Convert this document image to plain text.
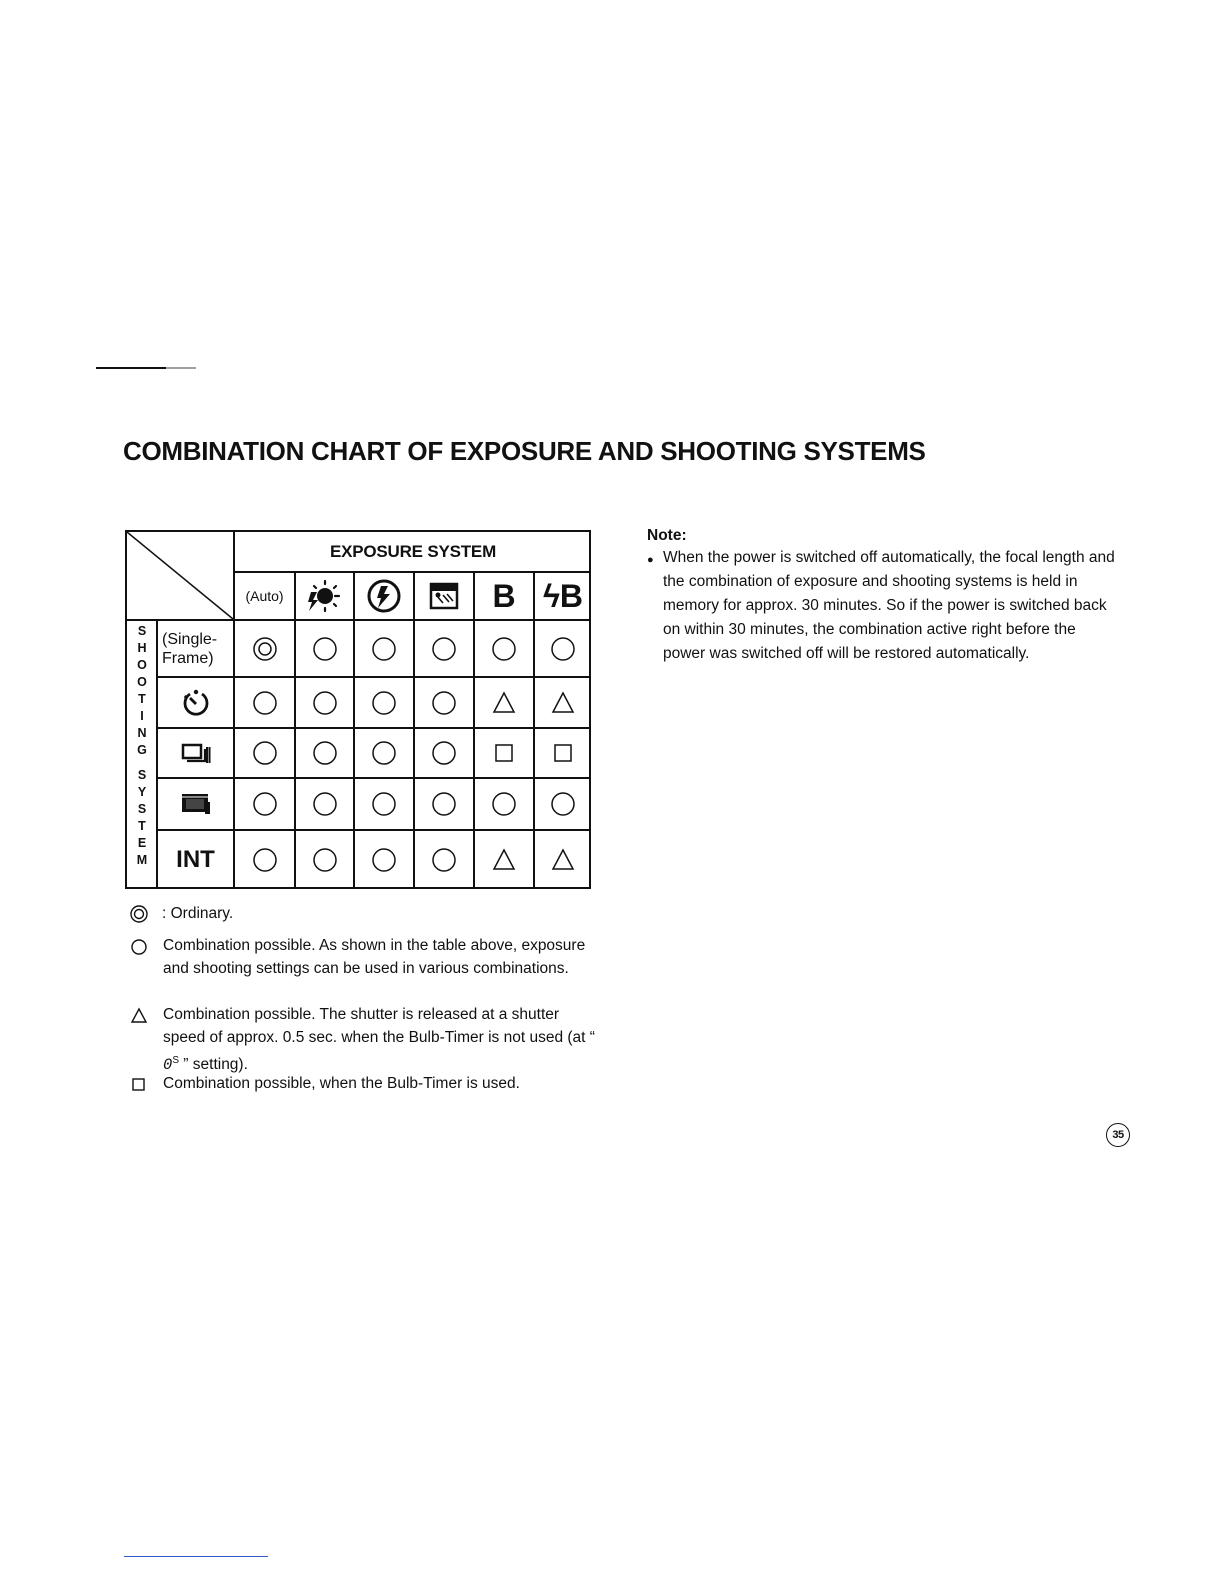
COMBINATION CHART OF EXPOSURE AND SHOOTING SYSTEMS
EXPOSURE SYSTEM
(Auto)	B ϟB
S
H
O
O
T
I
N
G

S
Y
S
T
E
M
(Single-
Frame)
INT
: Ordinary.
Combination possible. As shown in the table above, exposure and shooting settings can be used in various combinations.
Combination possible. The shutter is released at a shutter speed of approx. 0.5 sec. when the Bulb-Timer is not used (at “ $0^S$ ” setting).
Combination possible, when the Bulb-Timer is used.
Note:
● When the power is switched off automatically, the focal length and the combination of exposure and shooting systems is held in memory for approx. 30 minutes. So if the power is switched back on within 30 minutes, the combination active right before the power was switched off will be restored automatically.
35
